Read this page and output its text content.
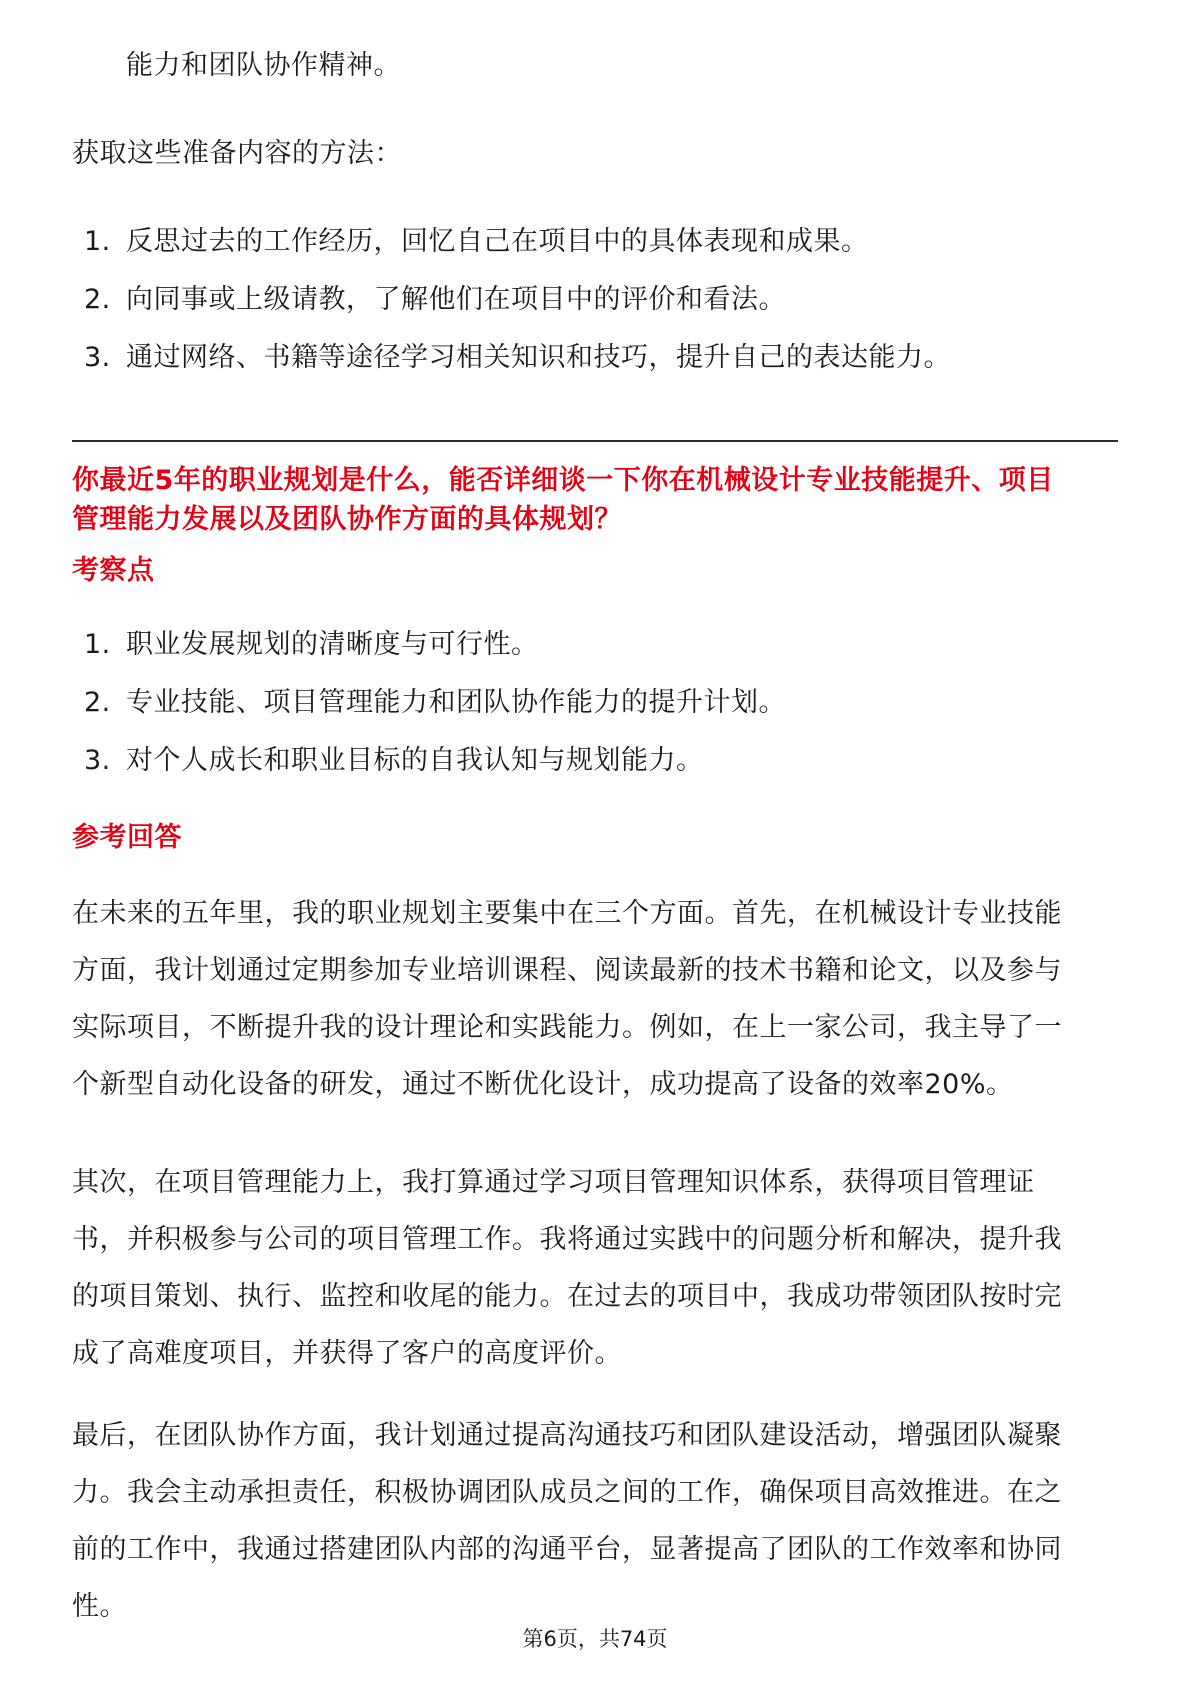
能力和团队协作精神。
获取这些准备内容的方法：
1. 反思过去的工作经历，回忆自己在项目中的具体表现和成果。
2. 向同事或上级请教，了解他们在项目中的评价和看法。
3. 通过网络、书籍等途径学习相关知识和技巧，提升自己的表达能力。
你最近5年的职业规划是什么，能否详细谈一下你在机械设计专业技能提升、项目
管理能力发展以及团队协作方面的具体规划？
考察点
1. 职业发展规划的清晰度与可行性。
2. 专业技能、项目管理能力和团队协作能力的提升计划。
3. 对个人成长和职业目标的自我认知与规划能力。
参考回答
在未来的五年里，我的职业规划主要集中在三个方面。首先，在机械设计专业技能
方面，我计划通过定期参加专业培训课程、阅读最新的技术书籍和论文，以及参与
实际项目，不断提升我的设计理论和实践能力。例如，在上一家公司，我主导了一
个新型自动化设备的研发，通过不断优化设计，成功提高了设备的效率20%。
其次，在项目管理能力上，我打算通过学习项目管理知识体系，获得项目管理证
书，并积极参与公司的项目管理工作。我将通过实践中的问题分析和解决，提升我
的项目策划、执行、监控和收尾的能力。在过去的项目中，我成功带领团队按时完
成了高难度项目，并获得了客户的高度评价。
最后，在团队协作方面，我计划通过提高沟通技巧和团队建设活动，增强团队凝聚
力。我会主动承担责任，积极协调团队成员之间的工作，确保项目高效推进。在之
前的工作中，我通过搭建团队内部的沟通平台，显著提高了团队的工作效率和协同
性。
第6页，共74页
